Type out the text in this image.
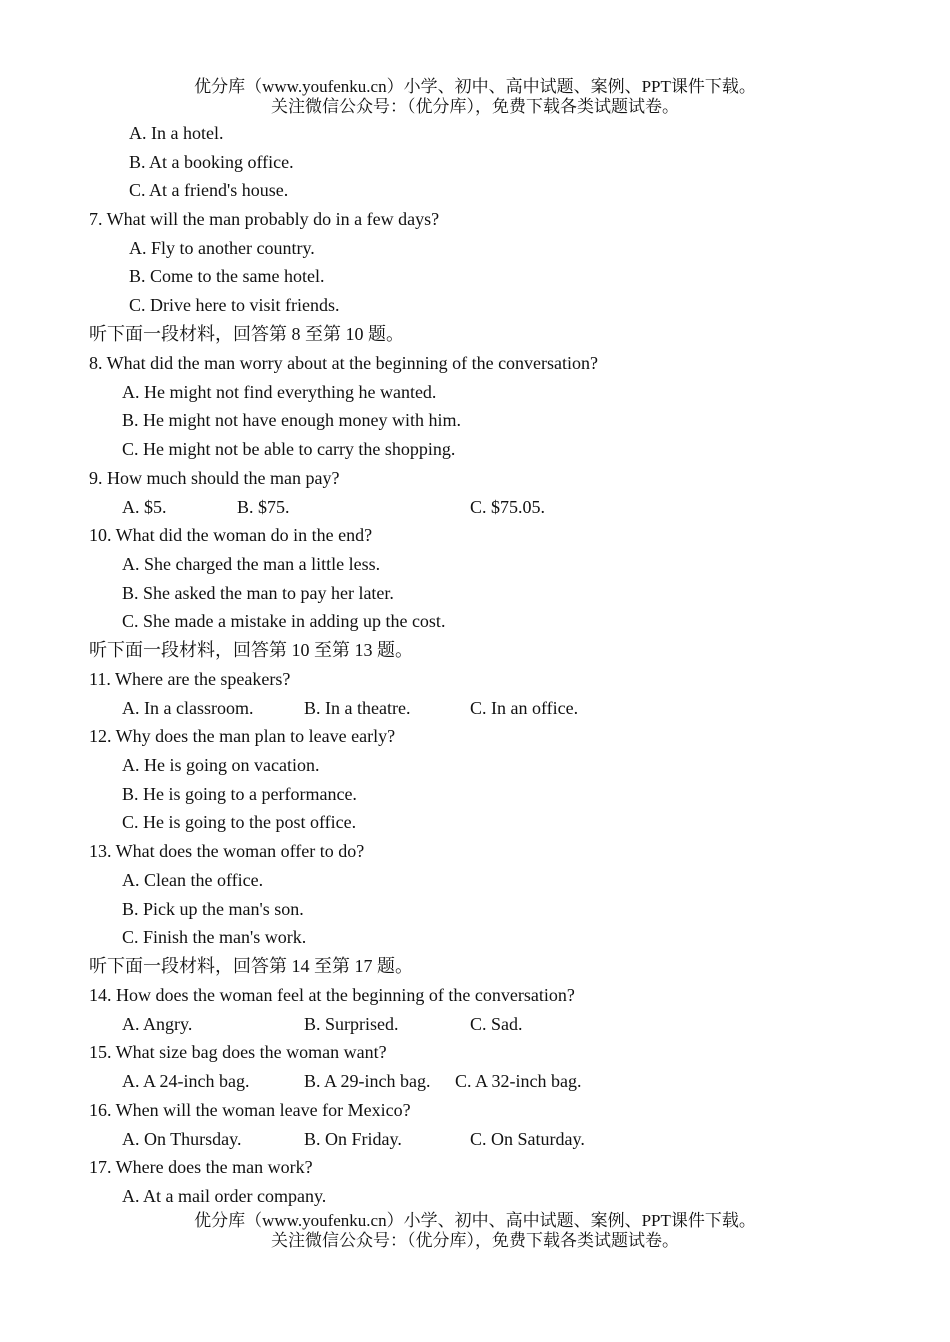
优分库（www.youfenku.cn）小学、初中、高中试题、案例、PPT课件下载。
关注微信公众号：（优分库），免费下载各类试题试卷。
A. In a hotel.
B. At a booking office.
C. At a friend's house.
7. What will the man probably do in a few days?
A. Fly to another country.
B. Come to the same hotel.
C. Drive here to visit friends.
听下面一段材料，回答第 8 至第 10 题。
8. What did the man worry about at the beginning of the conversation?
A. He might not find everything he wanted.
B. He might not have enough money with him.
C. He might not be able to carry the shopping.
9. How much should the man pay?
A. $5.	B. $75.	C. $75.05.
10. What did the woman do in the end?
A. She charged the man a little less.
B. She asked the man to pay her later.
C. She made a mistake in adding up the cost.
听下面一段材料，回答第 10 至第 13 题。
11. Where are the speakers?
A. In a classroom.	B. In a theatre.	C. In an office.
12. Why does the man plan to leave early?
A. He is going on vacation.
B. He is going to a performance.
C. He is going to the post office.
13. What does the woman offer to do?
A. Clean the office.
B. Pick up the man's son.
C. Finish the man's work.
听下面一段材料，回答第 14 至第 17 题。
14. How does the woman feel at the beginning of the conversation?
A. Angry.	B. Surprised.	C. Sad.
15. What size bag does the woman want?
A. A 24-inch bag.	B. A 29-inch bag. C. A 32-inch bag.
16. When will the woman leave for Mexico?
A. On Thursday.	B. On Friday.	C. On Saturday.
17. Where does the man work?
A. At a mail order company.
优分库（www.youfenku.cn）小学、初中、高中试题、案例、PPT课件下载。
关注微信公众号：（优分库），免费下载各类试题试卷。
